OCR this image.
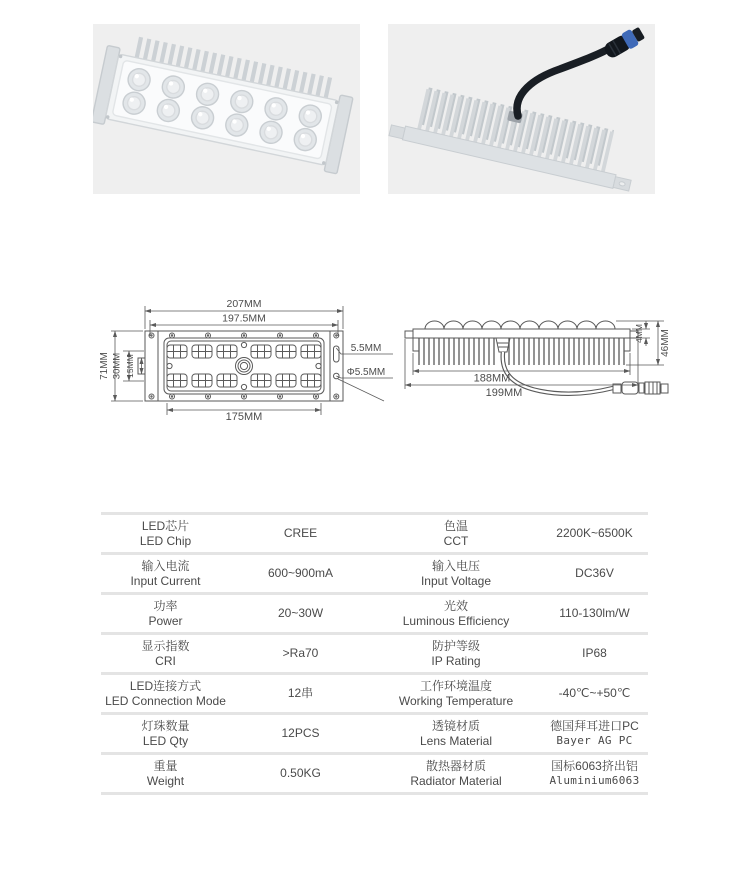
207MM
197.5MM
175MM
71MM 30MM 15MM
5.5MM
Φ5.5MM	188MM
199MM
4MM 46MM
LED芯片
LED Chip
CREE
色温
CCT
2200K~6500K
输入电流
Input Current
600~900mA
输入电压
Input Voltage
DC36V
功率
Power
20~30W
光效
Luminous Efficiency
110-130lm/W
显示指数
CRI
>Ra70
防护等级
IP Rating
IP68
LED连接方式
LED Connection Mode
12串
工作环境温度
Working Temperature
-40℃~+50℃
灯珠数量
LED Qty
12PCS
透镜材质
Lens Material
德国拜耳进口PC
Bayer AG PC
重量
Weight
0.50KG
散热器材质
Radiator Material
国标6063挤出铝
Aluminium6063
